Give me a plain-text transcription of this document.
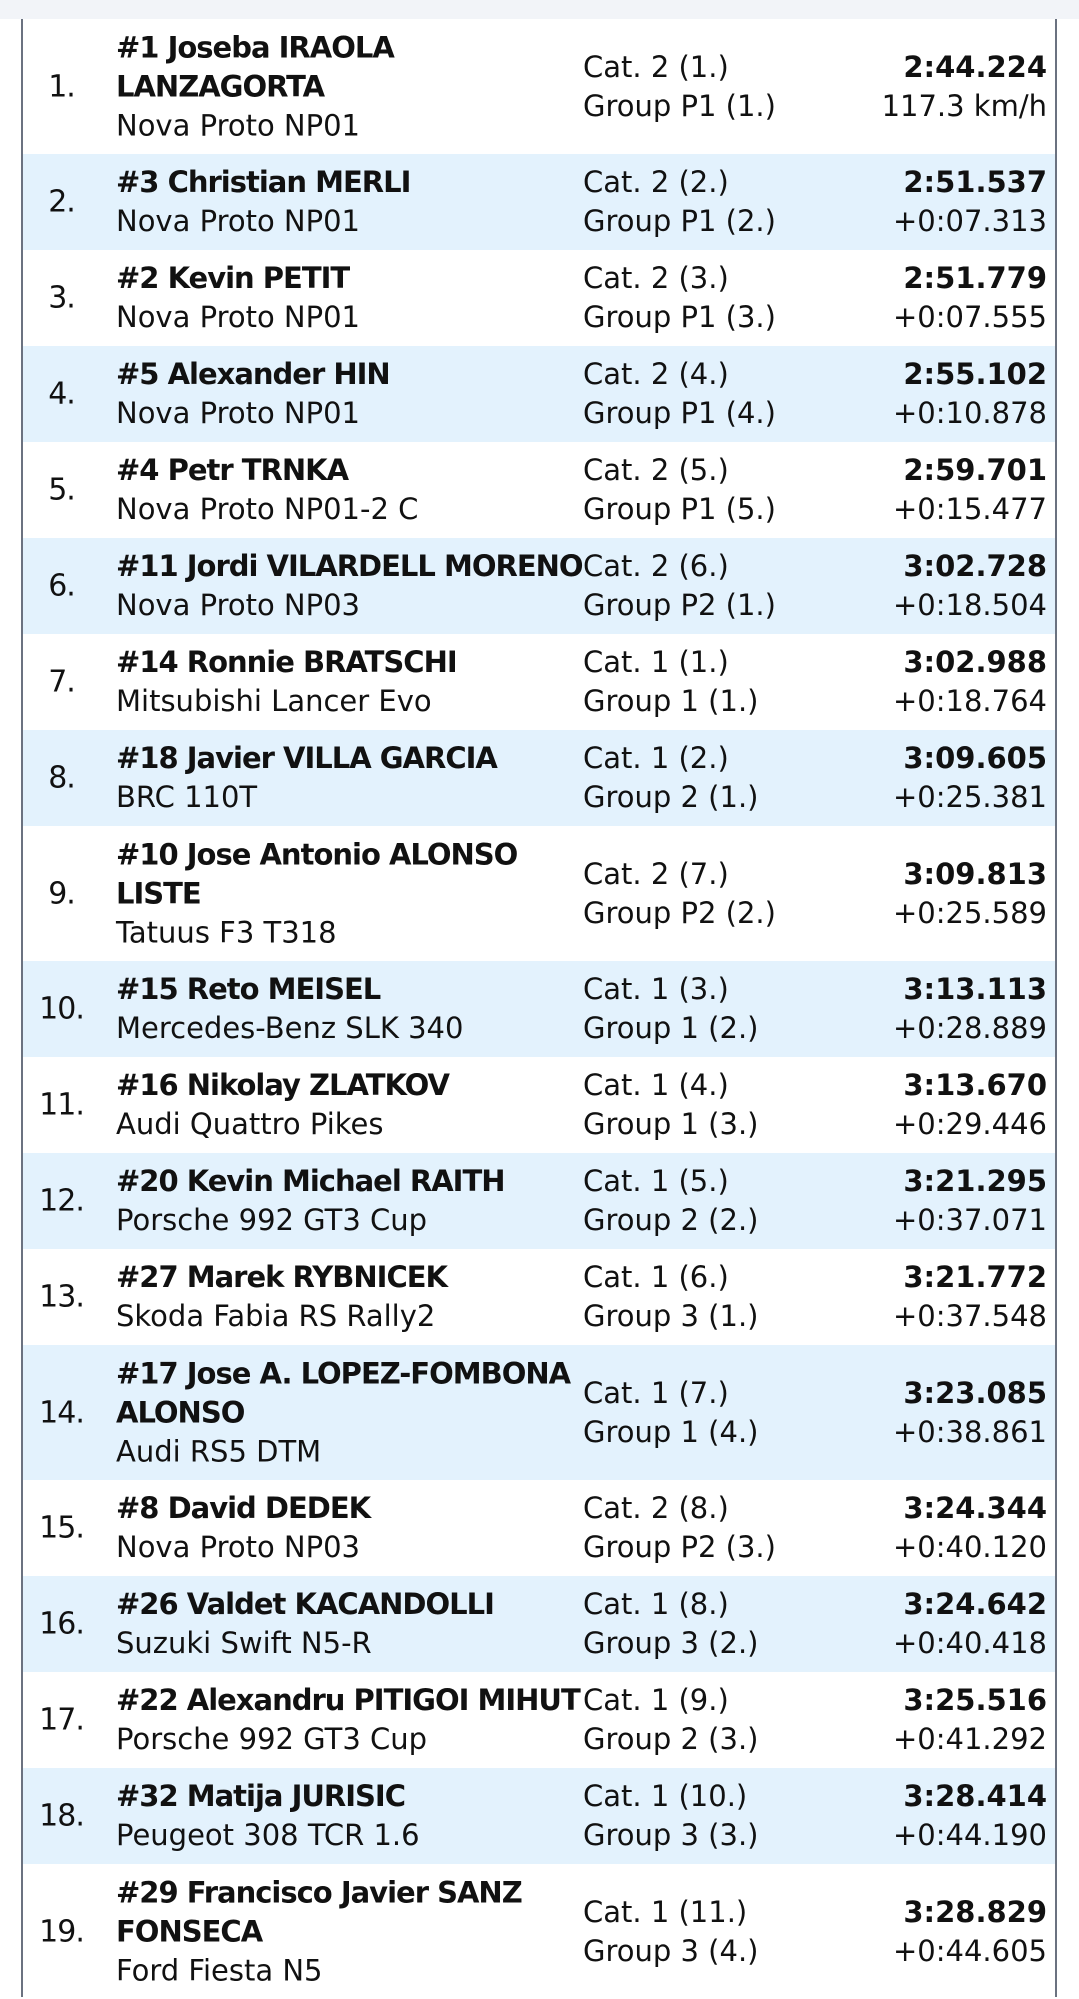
1.
#1 Joseba IRAOLA LANZAGORTA
Nova Proto NP01
Cat. 2 (1.)
Group P1 (1.)
2:44.224
117.3 km/h
2.
#3 Christian MERLI
Nova Proto NP01
Cat. 2 (2.)
Group P1 (2.)
2:51.537
+0:07.313
3.
#2 Kevin PETIT
Nova Proto NP01
Cat. 2 (3.)
Group P1 (3.)
2:51.779
+0:07.555
4.
#5 Alexander HIN
Nova Proto NP01
Cat. 2 (4.)
Group P1 (4.)
2:55.102
+0:10.878
5.
#4 Petr TRNKA
Nova Proto NP01-2 C
Cat. 2 (5.)
Group P1 (5.)
2:59.701
+0:15.477
6.
#11 Jordi VILARDELL MORENO
Nova Proto NP03
Cat. 2 (6.)
Group P2 (1.)
3:02.728
+0:18.504
7.
#14 Ronnie BRATSCHI
Mitsubishi Lancer Evo
Cat. 1 (1.)
Group 1 (1.)
3:02.988
+0:18.764
8.
#18 Javier VILLA GARCIA
BRC 110T
Cat. 1 (2.)
Group 2 (1.)
3:09.605
+0:25.381
9.
#10 Jose Antonio ALONSO LISTE
Tatuus F3 T318
Cat. 2 (7.)
Group P2 (2.)
3:09.813
+0:25.589
10.
#15 Reto MEISEL
Mercedes-Benz SLK 340
Cat. 1 (3.)
Group 1 (2.)
3:13.113
+0:28.889
11.
#16 Nikolay ZLATKOV
Audi Quattro Pikes
Cat. 1 (4.)
Group 1 (3.)
3:13.670
+0:29.446
12.
#20 Kevin Michael RAITH
Porsche 992 GT3 Cup
Cat. 1 (5.)
Group 2 (2.)
3:21.295
+0:37.071
13.
#27 Marek RYBNICEK
Skoda Fabia RS Rally2
Cat. 1 (6.)
Group 3 (1.)
3:21.772
+0:37.548
14.
#17 Jose A. LOPEZ-FOMBONA ALONSO
Audi RS5 DTM
Cat. 1 (7.)
Group 1 (4.)
3:23.085
+0:38.861
15.
#8 David DEDEK
Nova Proto NP03
Cat. 2 (8.)
Group P2 (3.)
3:24.344
+0:40.120
16.
#26 Valdet KACANDOLLI
Suzuki Swift N5-R
Cat. 1 (8.)
Group 3 (2.)
3:24.642
+0:40.418
17.
#22 Alexandru PITIGOI MIHUT
Porsche 992 GT3 Cup
Cat. 1 (9.)
Group 2 (3.)
3:25.516
+0:41.292
18.
#32 Matija JURISIC
Peugeot 308 TCR 1.6
Cat. 1 (10.)
Group 3 (3.)
3:28.414
+0:44.190
19.
#29 Francisco Javier SANZ FONSECA
Ford Fiesta N5
Cat. 1 (11.)
Group 3 (4.)
3:28.829
+0:44.605
